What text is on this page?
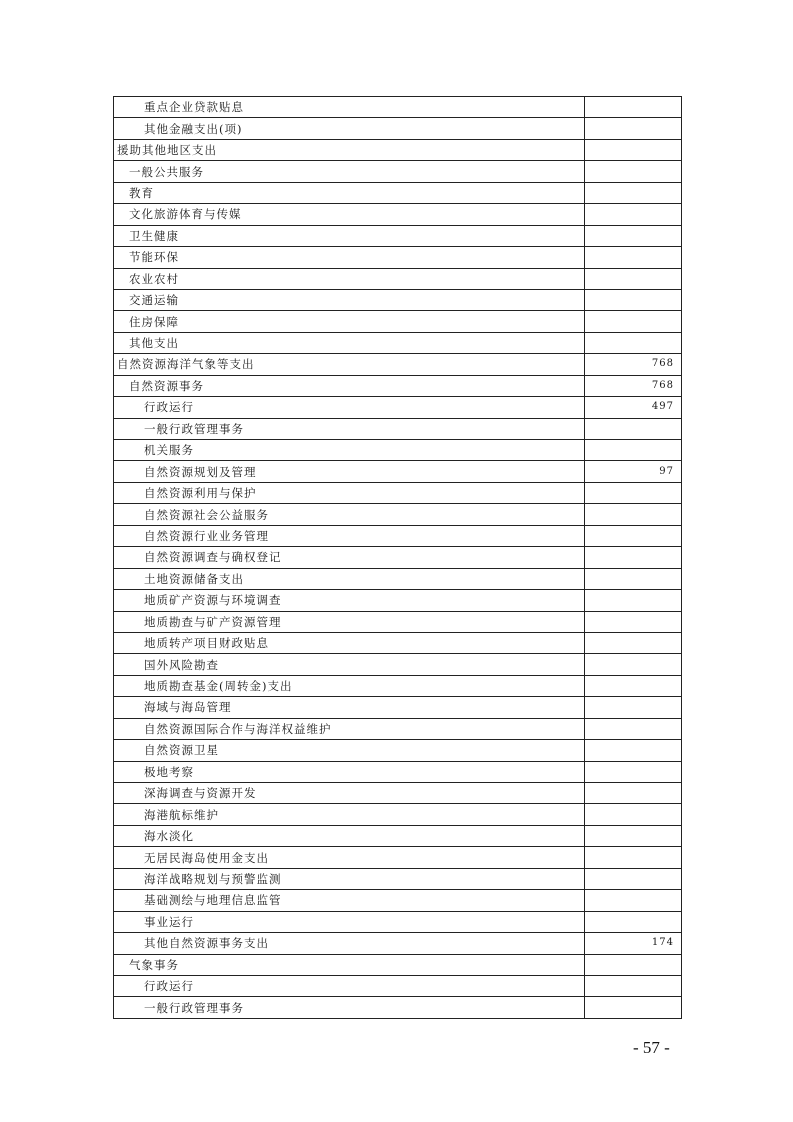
重点企业贷款贴息	
其他金融支出(项)	
援助其他地区支出	
一般公共服务	
教育	
文化旅游体育与传媒	
卫生健康	
节能环保	
农业农村	
交通运输	
住房保障	
其他支出	
自然资源海洋气象等支出	768
自然资源事务	768
行政运行	497
一般行政管理事务	
机关服务	
自然资源规划及管理	97
自然资源利用与保护	
自然资源社会公益服务	
自然资源行业业务管理	
自然资源调查与确权登记	
土地资源储备支出	
地质矿产资源与环境调查	
地质勘查与矿产资源管理	
地质转产项目财政贴息	
国外风险勘查	
地质勘查基金(周转金)支出	
海域与海岛管理	
自然资源国际合作与海洋权益维护	
自然资源卫星	
极地考察	
深海调查与资源开发	
海港航标维护	
海水淡化	
无居民海岛使用金支出	
海洋战略规划与预警监测	
基础测绘与地理信息监管	
事业运行	
其他自然资源事务支出	174
气象事务	
行政运行	
一般行政管理事务	
- 57 -
